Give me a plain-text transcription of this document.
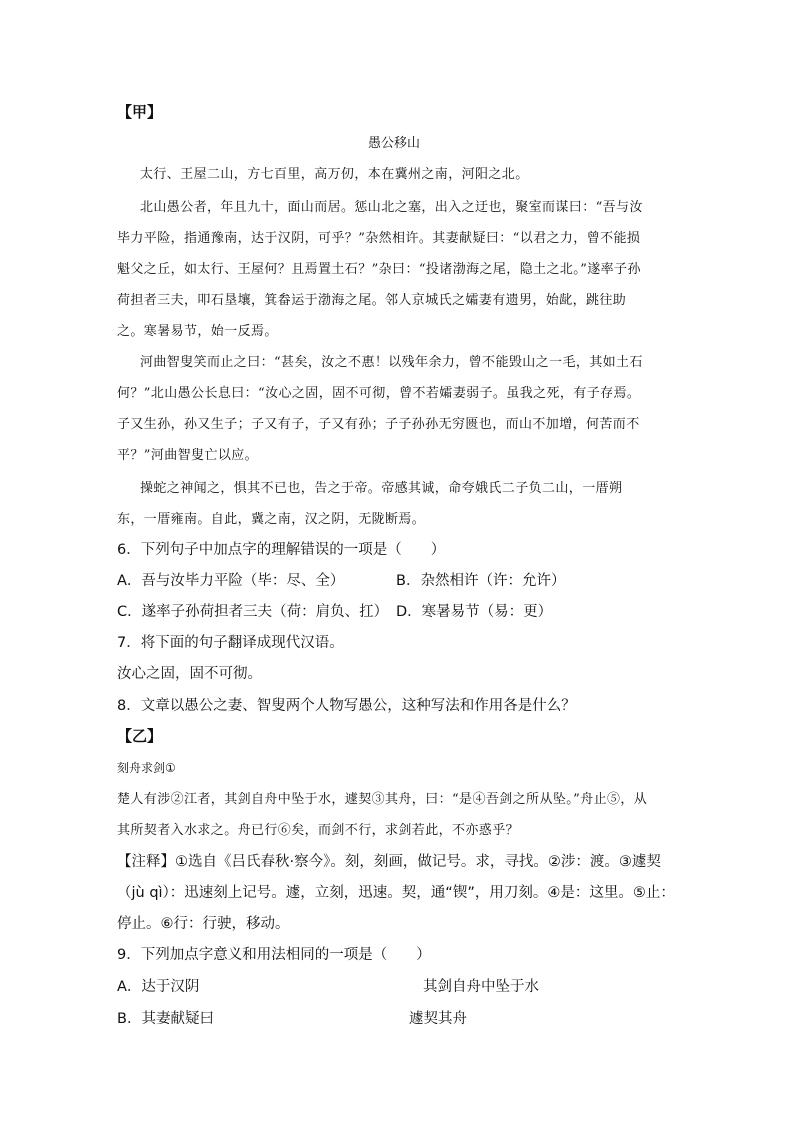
【甲】
愚公移山
太行、王屋二山，方七百里，高万仞，本在冀州之南，河阳之北。
北山愚公者，年且九十，面山而居。惩山北之塞，出入之迂也，聚室而谋曰：“吾与汝
毕力平险，指通豫南，达于汉阴，可乎？”杂然相许。其妻献疑曰：“以君之力，曾不能损
魁父之丘，如太行、王屋何？且焉置土石？”杂曰：“投诸渤海之尾，隐土之北。”遂率子孙
荷担者三夫，叩石垦壤，箕畚运于渤海之尾。邻人京城氏之孀妻有遗男，始龀，跳往助
之。寒暑易节，始一反焉。
河曲智叟笑而止之曰：“甚矣，汝之不惠！以残年余力，曾不能毁山之一毛，其如土石
何？”北山愚公长息曰：“汝心之固，固不可彻，曾不若孀妻弱子。虽我之死，有子存焉。
子又生孙，孙又生子；子又有子，子又有孙；子子孙孙无穷匮也，而山不加增，何苦而不
平？”河曲智叟亡以应。
操蛇之神闻之，惧其不已也，告之于帝。帝感其诚，命夸娥氏二子负二山，一厝朔
东，一厝雍南。自此，冀之南，汉之阴，无陇断焉。
6．下列句子中加点字的理解错误的一项是（　　）
A．吾与汝毕力平险（毕：尽、全）	B．杂然相许（许：允许）
C．遂率子孙荷担者三夫（荷：肩负、扛） D．寒暑易节（易：更）
7．将下面的句子翻译成现代汉语。
汝心之固，固不可彻。
8．文章以愚公之妻、智叟两个人物写愚公，这种写法和作用各是什么？
【乙】
刻舟求剑①
楚人有涉②江者，其剑自舟中坠于水，遽契③其舟，曰：“是④吾剑之所从坠。”舟止⑤，从
其所契者入水求之。舟已行⑥矣，而剑不行，求剑若此，不亦惑乎？
【注释】①选自《吕氏春秋·察今》。刻，刻画，做记号。求，寻找。②涉：渡。③遽契
（jù qì）：迅速刻上记号。遽，立刻，迅速。契，通“锲”，用刀刻。④是：这里。⑤止：
停止。⑥行：行驶，移动。
9．下列加点字意义和用法相同的一项是（　　）
A．达于汉阴	其剑自舟中坠于水
B．其妻献疑曰	遽契其舟
